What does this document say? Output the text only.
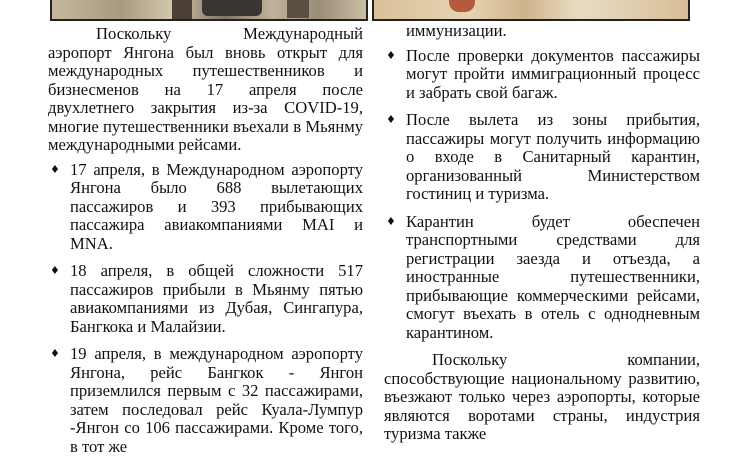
Поскольку Международный аэропорт Янгона был вновь открыт для международных путешественников и бизнесменов на 17 апреля после двухлетнего закрытия из-за COVID-19, многие путешественники въехали в Мьянму международными рейсами.

♦ 17 апреля, в Международном аэропорту Янгона было 688 вылетающих пассажиров и 393 прибывающих пассажира авиакомпаниями MAI и MNA.
♦ 18 апреля, в общей сложности 517 пассажиров прибыли в Мьянму пятью авиакомпаниями из Дубая, Сингапура, Бангкока и Малайзии.
♦ 19 апреля, в международном аэропорту Янгона, рейс Бангкок - Янгон приземлился первым с 32 пассажирами, затем последовал рейс Куала-Лумпур -Янгон со 106 пассажирами. Кроме того, в тот же

иммунизации.

♦ После проверки документов пассажиры могут пройти иммиграционный процесс и забрать свой багаж.
♦ После вылета из зоны прибытия, пассажиры могут получить информацию о входе в Санитарный карантин, организованный Министерством гостиниц и туризма.
♦ Карантин будет обеспечен транспортными средствами для регистрации заезда и отъезда, а иностранные путешественники, прибывающие коммерческими рейсами, смогут въехать в отель с однодневным карантином.

Поскольку компании, способствующие национальному развитию, въезжают только через аэропорты, которые являются воротами страны, индустрия туризма также
